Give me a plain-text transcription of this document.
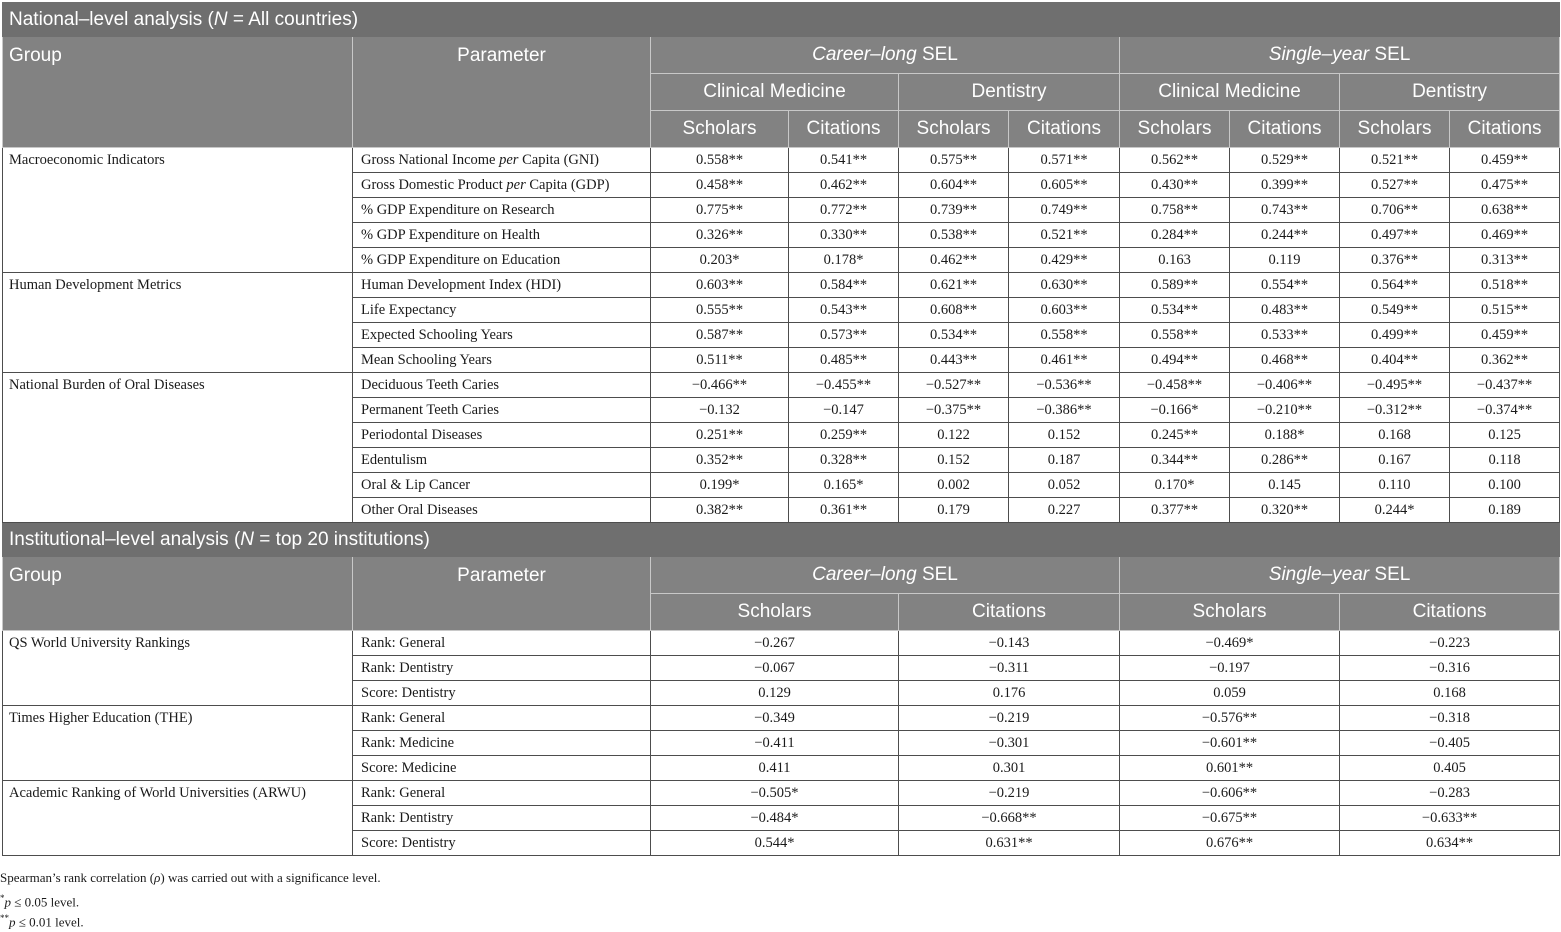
National–level analysis (N = All countries)									
Group	Parameter	Career–long SEL				Single–year SEL			
		Clinical Medicine		Dentistry		Clinical Medicine		Dentistry	
		Scholars	Citations	Scholars	Citations	Scholars	Citations	Scholars	Citations
Macroeconomic Indicators	Gross National Income per Capita (GNI)	0.558**	0.541**	0.575**	0.571**	0.562**	0.529**	0.521**	0.459**
	Gross Domestic Product per Capita (GDP)	0.458**	0.462**	0.604**	0.605**	0.430**	0.399**	0.527**	0.475**
	% GDP Expenditure on Research	0.775**	0.772**	0.739**	0.749**	0.758**	0.743**	0.706**	0.638**
	% GDP Expenditure on Health	0.326**	0.330**	0.538**	0.521**	0.284**	0.244**	0.497**	0.469**
	% GDP Expenditure on Education	0.203*	0.178*	0.462**	0.429**	0.163	0.119	0.376**	0.313**
Human Development Metrics	Human Development Index (HDI)	0.603**	0.584**	0.621**	0.630**	0.589**	0.554**	0.564**	0.518**
	Life Expectancy	0.555**	0.543**	0.608**	0.603**	0.534**	0.483**	0.549**	0.515**
	Expected Schooling Years	0.587**	0.573**	0.534**	0.558**	0.558**	0.533**	0.499**	0.459**
	Mean Schooling Years	0.511**	0.485**	0.443**	0.461**	0.494**	0.468**	0.404**	0.362**
National Burden of Oral Diseases	Deciduous Teeth Caries	−0.466**	−0.455**	−0.527**	−0.536**	−0.458**	−0.406**	−0.495**	−0.437**
	Permanent Teeth Caries	−0.132	−0.147	−0.375**	−0.386**	−0.166*	−0.210**	−0.312**	−0.374**
	Periodontal Diseases	0.251**	0.259**	0.122	0.152	0.245**	0.188*	0.168	0.125
	Edentulism	0.352**	0.328**	0.152	0.187	0.344**	0.286**	0.167	0.118
	Oral & Lip Cancer	0.199*	0.165*	0.002	0.052	0.170*	0.145	0.110	0.100
	Other Oral Diseases	0.382**	0.361**	0.179	0.227	0.377**	0.320**	0.244*	0.189
Institutional–level analysis (N = top 20 institutions)									
Group	Parameter	Career–long SEL				Single–year SEL			
		Scholars		Citations		Scholars		Citations	
QS World University Rankings	Rank: General	−0.267		−0.143		−0.469*		−0.223	
	Rank: Dentistry	−0.067		−0.311		−0.197		−0.316	
	Score: Dentistry	0.129		0.176		0.059		0.168	
Times Higher Education (THE)	Rank: General	−0.349		−0.219		−0.576**		−0.318	
	Rank: Medicine	−0.411		−0.301		−0.601**		−0.405	
	Score: Medicine	0.411		0.301		0.601**		0.405	
Academic Ranking of World Universities (ARWU)	Rank: General	−0.505*		−0.219		−0.606**		−0.283	
	Rank: Dentistry	−0.484*		−0.668**		−0.675**		−0.633**	
	Score: Dentistry	0.544*		0.631**		0.676**		0.634**	
Spearman’s rank correlation (ρ) was carried out with a significance level.
*p ≤ 0.05 level.
**p ≤ 0.01 level.
